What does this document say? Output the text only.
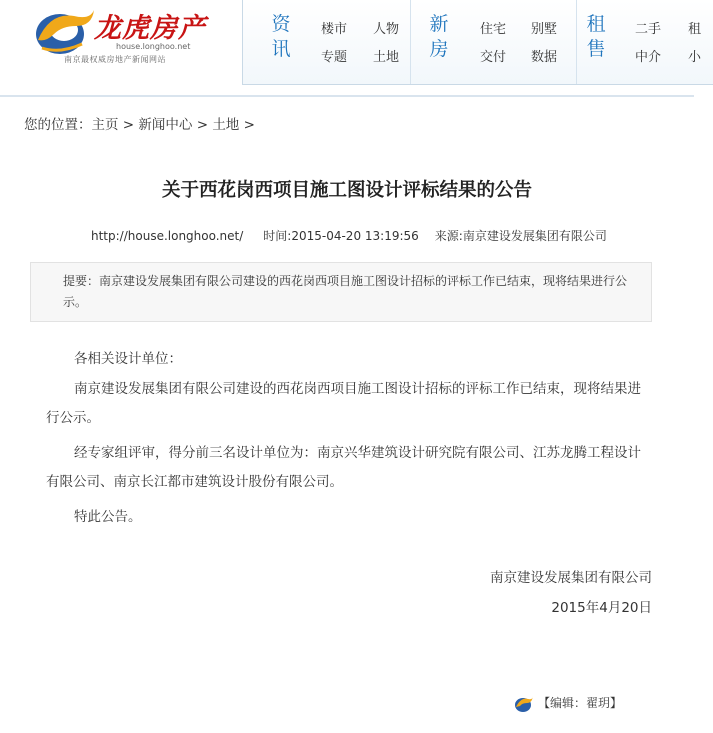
龙虎房产
house.longhoo.net
南京最权威房地产新闻网站
资
讯
楼市 人物
专题 土地
新
房
住宅 别墅
交付 数据
租
售
二手 租
中介 小
您的位置：主页 > 新闻中心 > 土地 >
关于西花岗西项目施工图设计评标结果的公告
http://house.longhoo.net/ 时间:2015-04-20 13:19:56 来源:南京建设发展集团有限公司
提要：南京建设发展集团有限公司建设的西花岗西项目施工图设计招标的评标工作已结束，现将结果进行公示。
各相关设计单位：
南京建设发展集团有限公司建设的西花岗西项目施工图设计招标的评标工作已结束，现将结果进行公示。
经专家组评审，得分前三名设计单位为：南京兴华建筑设计研究院有限公司、江苏龙腾工程设计有限公司、南京长江都市建筑设计股份有限公司。
特此公告。
南京建设发展集团有限公司
2015年4月20日
【编辑：翟玥】
